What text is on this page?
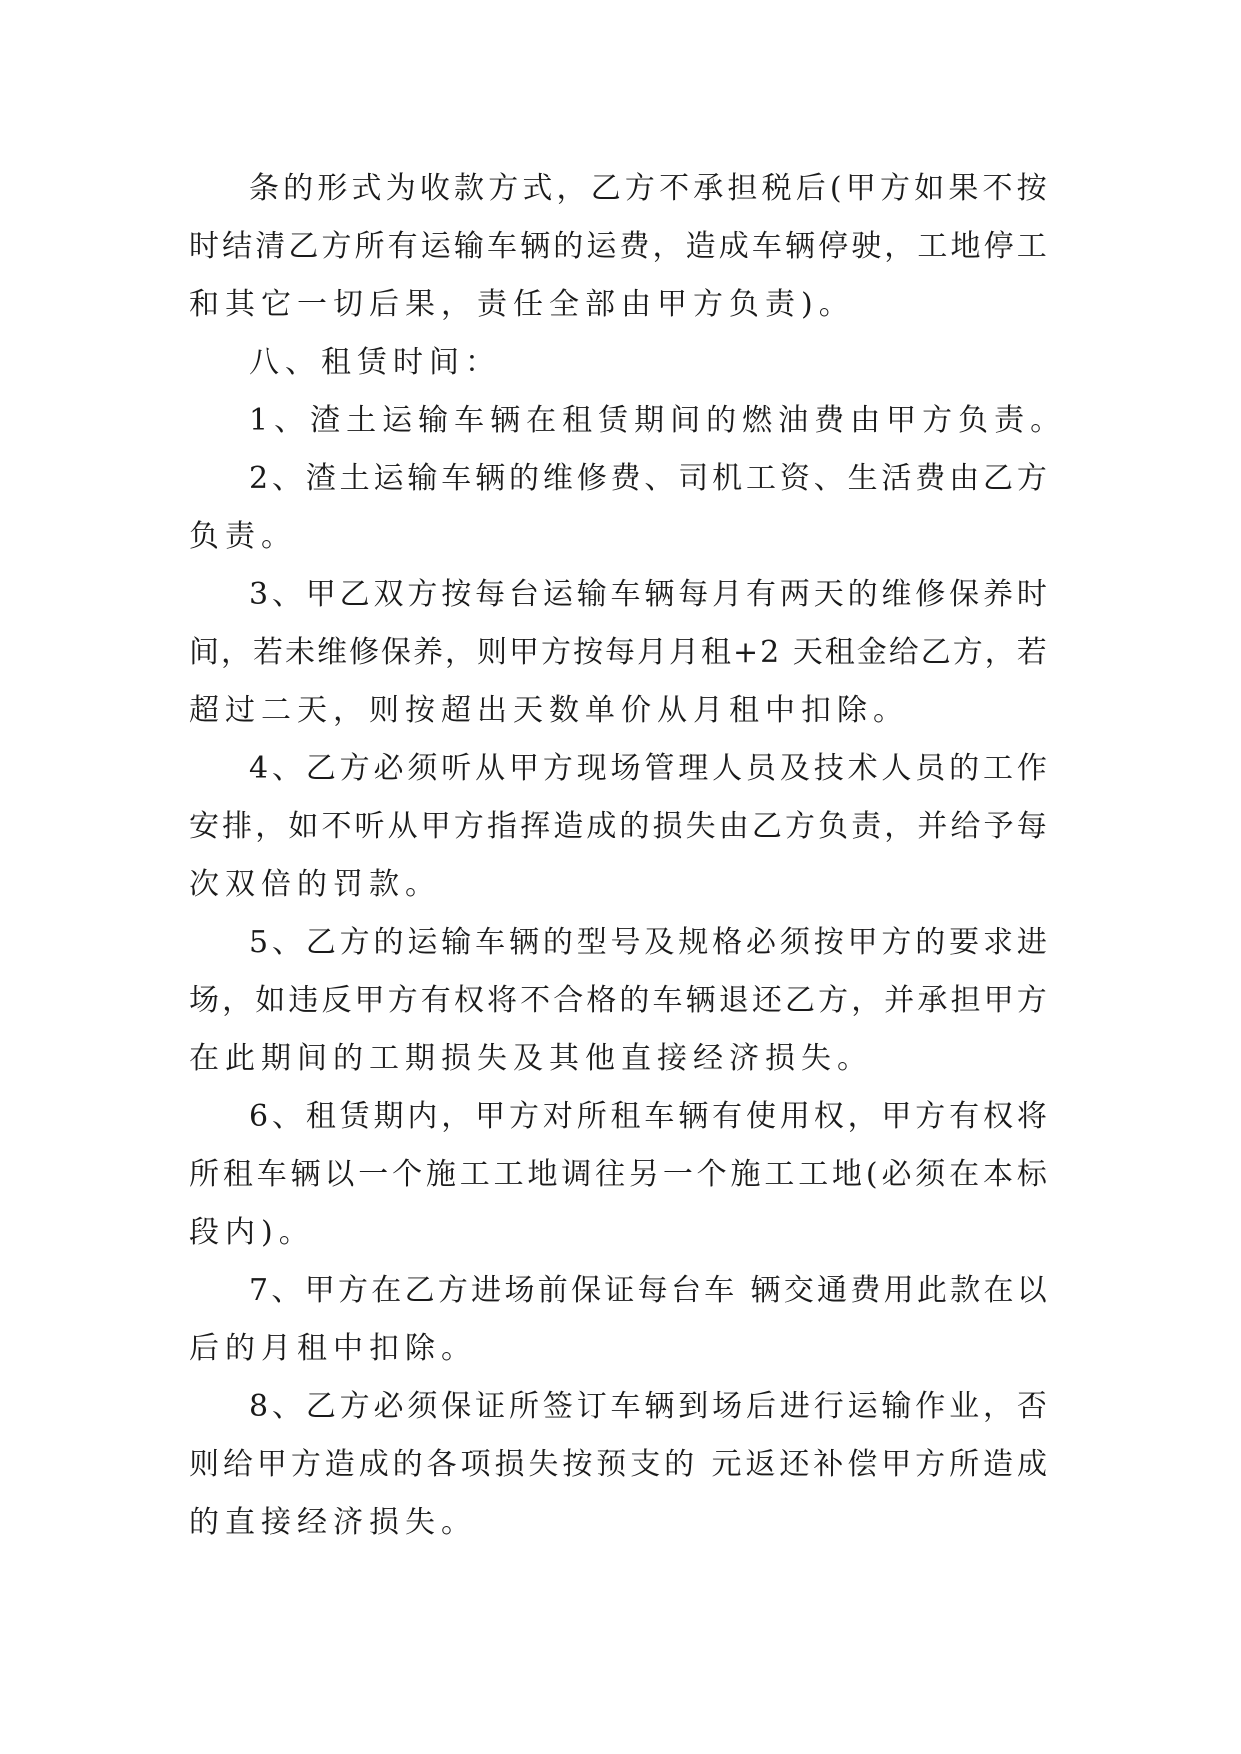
条 的 形 式 为 收 款 方 式 ， 乙 方 不 承 担 税 后 ( 甲 方 如 果 不 按
时 结 清 乙 方 所 有 运 输 车 辆 的 运 费 ， 造 成 车 辆 停 驶 ， 工 地 停 工
和其它一切后果，责任全部由甲方负责)。
八、租赁时间：
1、渣土运输车辆在租赁期间的燃油费由甲方负责。
2 、 渣 土 运 输 车 辆 的 维 修 费 、 司 机 工 资 、 生 活 费 由 乙 方
负责。
3 、 甲 乙 双 方 按 每 台 运 输 车 辆 每 月 有 两 天 的 维 修 保 养 时
间 ， 若 未 维 修 保 养 ， 则 甲 方 按 每 月 月 租 + 2
天 租 金 给 乙 方 ， 若
超过二天，则按超出天数单价从月租中扣除。
4 、 乙 方 必 须 听 从 甲 方 现 场 管 理 人 员 及 技 术 人 员 的 工 作
安 排 ， 如 不 听 从 甲 方 指 挥 造 成 的 损 失 由 乙 方 负 责 ， 并 给 予 每
次双倍的罚款。
5 、 乙 方 的 运 输 车 辆 的 型 号 及 规 格 必 须 按 甲 方 的 要 求 进
场 ， 如 违 反 甲 方 有 权 将 不 合 格 的 车 辆 退 还 乙 方 ， 并 承 担 甲 方
在此期间的工期损失及其他直接经济损失。
6 、 租 赁 期 内 ， 甲 方 对 所 租 车 辆 有 使 用 权 ， 甲 方 有 权 将
所 租 车 辆 以 一 个 施 工 工 地 调 往 另 一 个 施 工 工 地 ( 必 须 在 本 标
段内)。
7 、 甲 方 在 乙 方 进 场 前 保 证 每 台 车
辆 交 通 费 用 此 款 在 以
后的月租中扣除。
8 、 乙 方 必 须 保 证 所 签 订 车 辆 到 场 后 进 行 运 输 作 业 ， 否
则 给 甲 方 造 成 的 各 项 损 失 按 预 支 的
元 返 还 补 偿 甲 方 所 造 成
的直接经济损失。
